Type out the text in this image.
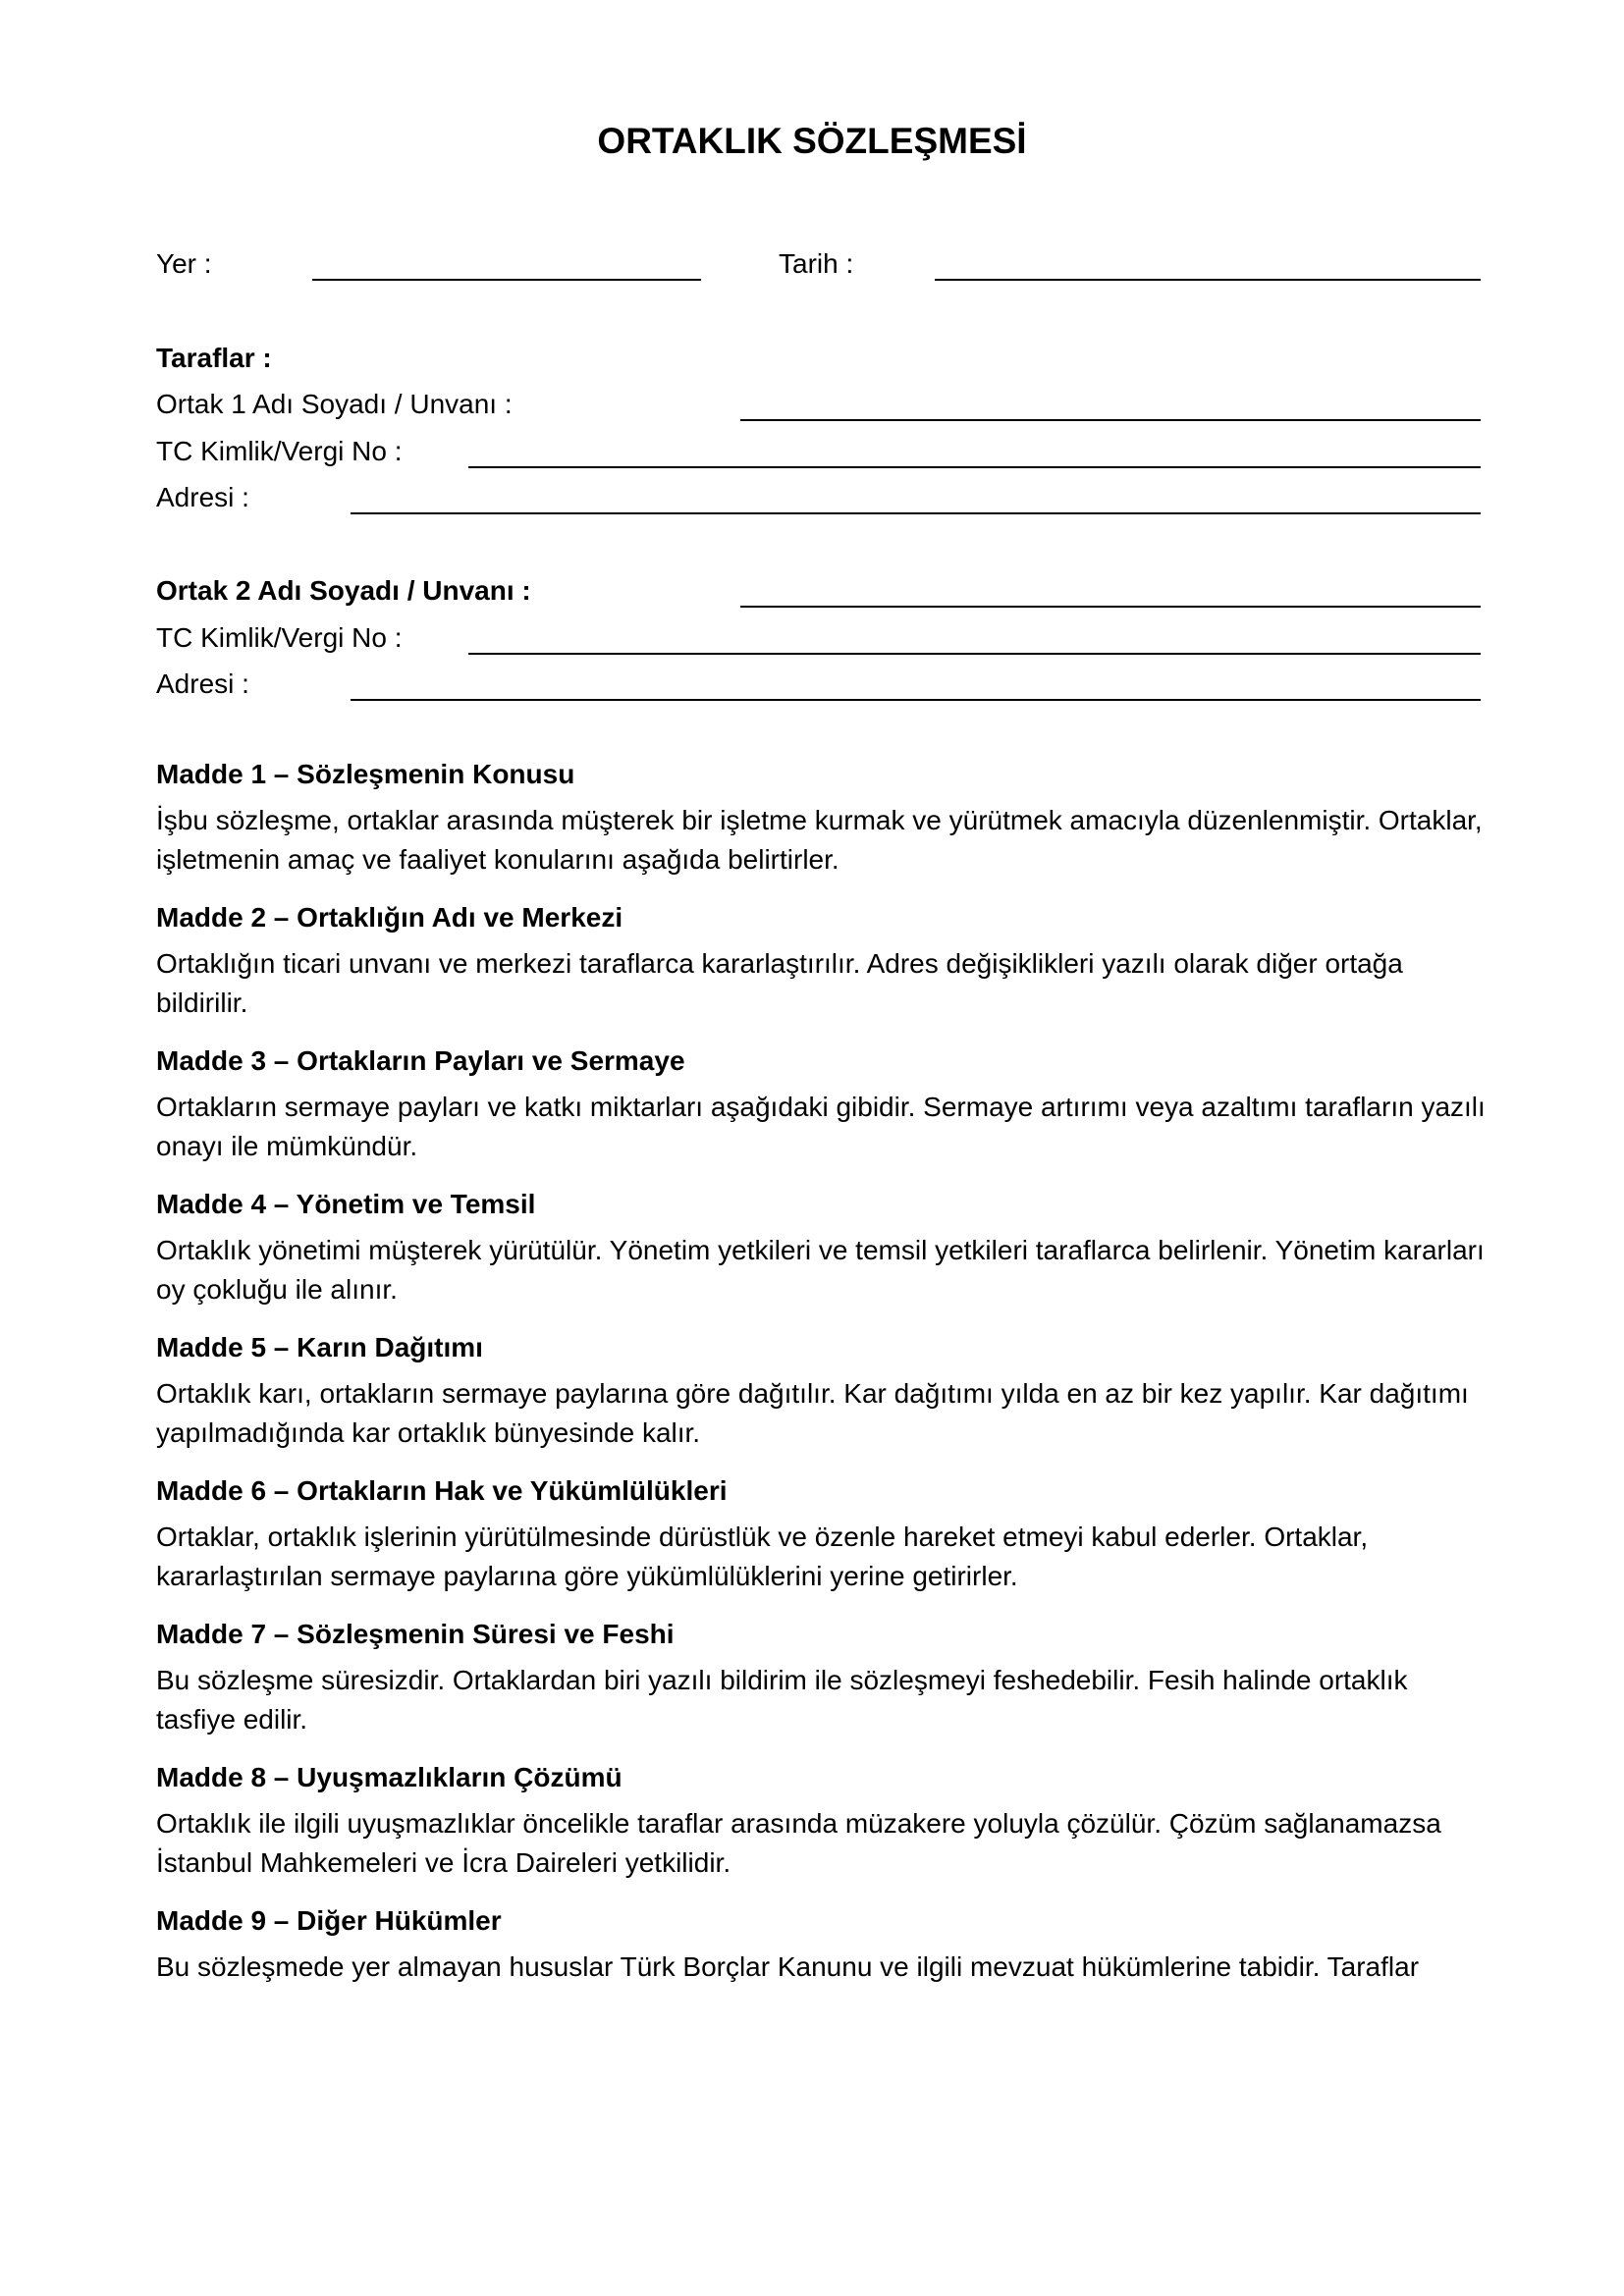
ORTAKLIK SÖZLEŞMESİ
Yer :	Tarih :
Taraflar :
Ortak 1 Adı Soyadı / Unvanı :
TC Kimlik/Vergi No :
Adresi :
Ortak 2 Adı Soyadı / Unvanı :
TC Kimlik/Vergi No :
Adresi :

Madde 1 – Sözleşmenin Konusu

İşbu sözleşme, ortaklar arasında müşterek bir işletme kurmak ve yürütmek amacıyla düzenlenmiştir. Ortaklar, işletmenin amaç ve faaliyet konularını aşağıda belirtirler.

Madde 2 – Ortaklığın Adı ve Merkezi

Ortaklığın ticari unvanı ve merkezi taraflarca kararlaştırılır. Adres değişiklikleri yazılı olarak diğer ortağa bildirilir.

Madde 3 – Ortakların Payları ve Sermaye

Ortakların sermaye payları ve katkı miktarları aşağıdaki gibidir. Sermaye artırımı veya azaltımı tarafların yazılı onayı ile mümkündür.

Madde 4 – Yönetim ve Temsil

Ortaklık yönetimi müşterek yürütülür. Yönetim yetkileri ve temsil yetkileri taraflarca belirlenir. Yönetim kararları oy çokluğu ile alınır.

Madde 5 – Karın Dağıtımı

Ortaklık karı, ortakların sermaye paylarına göre dağıtılır. Kar dağıtımı yılda en az bir kez yapılır. Kar dağıtımı yapılmadığında kar ortaklık bünyesinde kalır.

Madde 6 – Ortakların Hak ve Yükümlülükleri

Ortaklar, ortaklık işlerinin yürütülmesinde dürüstlük ve özenle hareket etmeyi kabul ederler. Ortaklar, kararlaştırılan sermaye paylarına göre yükümlülüklerini yerine getirirler.

Madde 7 – Sözleşmenin Süresi ve Feshi

Bu sözleşme süresizdir. Ortaklardan biri yazılı bildirim ile sözleşmeyi feshedebilir. Fesih halinde ortaklık tasfiye edilir.

Madde 8 – Uyuşmazlıkların Çözümü

Ortaklık ile ilgili uyuşmazlıklar öncelikle taraflar arasında müzakere yoluyla çözülür. Çözüm sağlanamazsa İstanbul Mahkemeleri ve İcra Daireleri yetkilidir.

Madde 9 – Diğer Hükümler

Bu sözleşmede yer almayan hususlar Türk Borçlar Kanunu ve ilgili mevzuat hükümlerine tabidir. Taraflar
